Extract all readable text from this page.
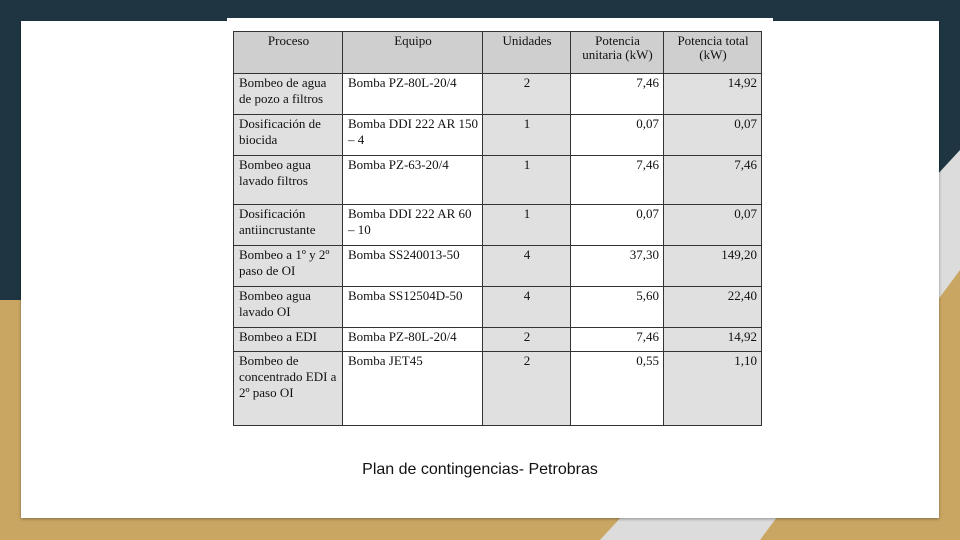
Proceso	Equipo	Unidades	Potencia unitaria (kW)	Potencia total (kW)
Bombeo de agua de pozo a filtros	Bomba PZ-80L-20/4	2	7,46	14,92
Dosificación de biocida	Bomba DDI 222 AR 150 – 4	1	0,07	0,07
Bombeo agua lavado filtros	Bomba PZ-63-20/4	1	7,46	7,46
Dosificación antiincrustante	Bomba DDI 222 AR 60 – 10	1	0,07	0,07
Bombeo a 1º y 2º paso de OI	Bomba SS240013-50	4	37,30	149,20
Bombeo agua lavado OI	Bomba SS12504D-50	4	5,60	22,40
Bombeo a EDI	Bomba PZ-80L-20/4	2	7,46	14,92
Bombeo de concentrado EDI a 2º paso OI	Bomba JET45	2	0,55	1,10
Plan de contingencias- Petrobras
